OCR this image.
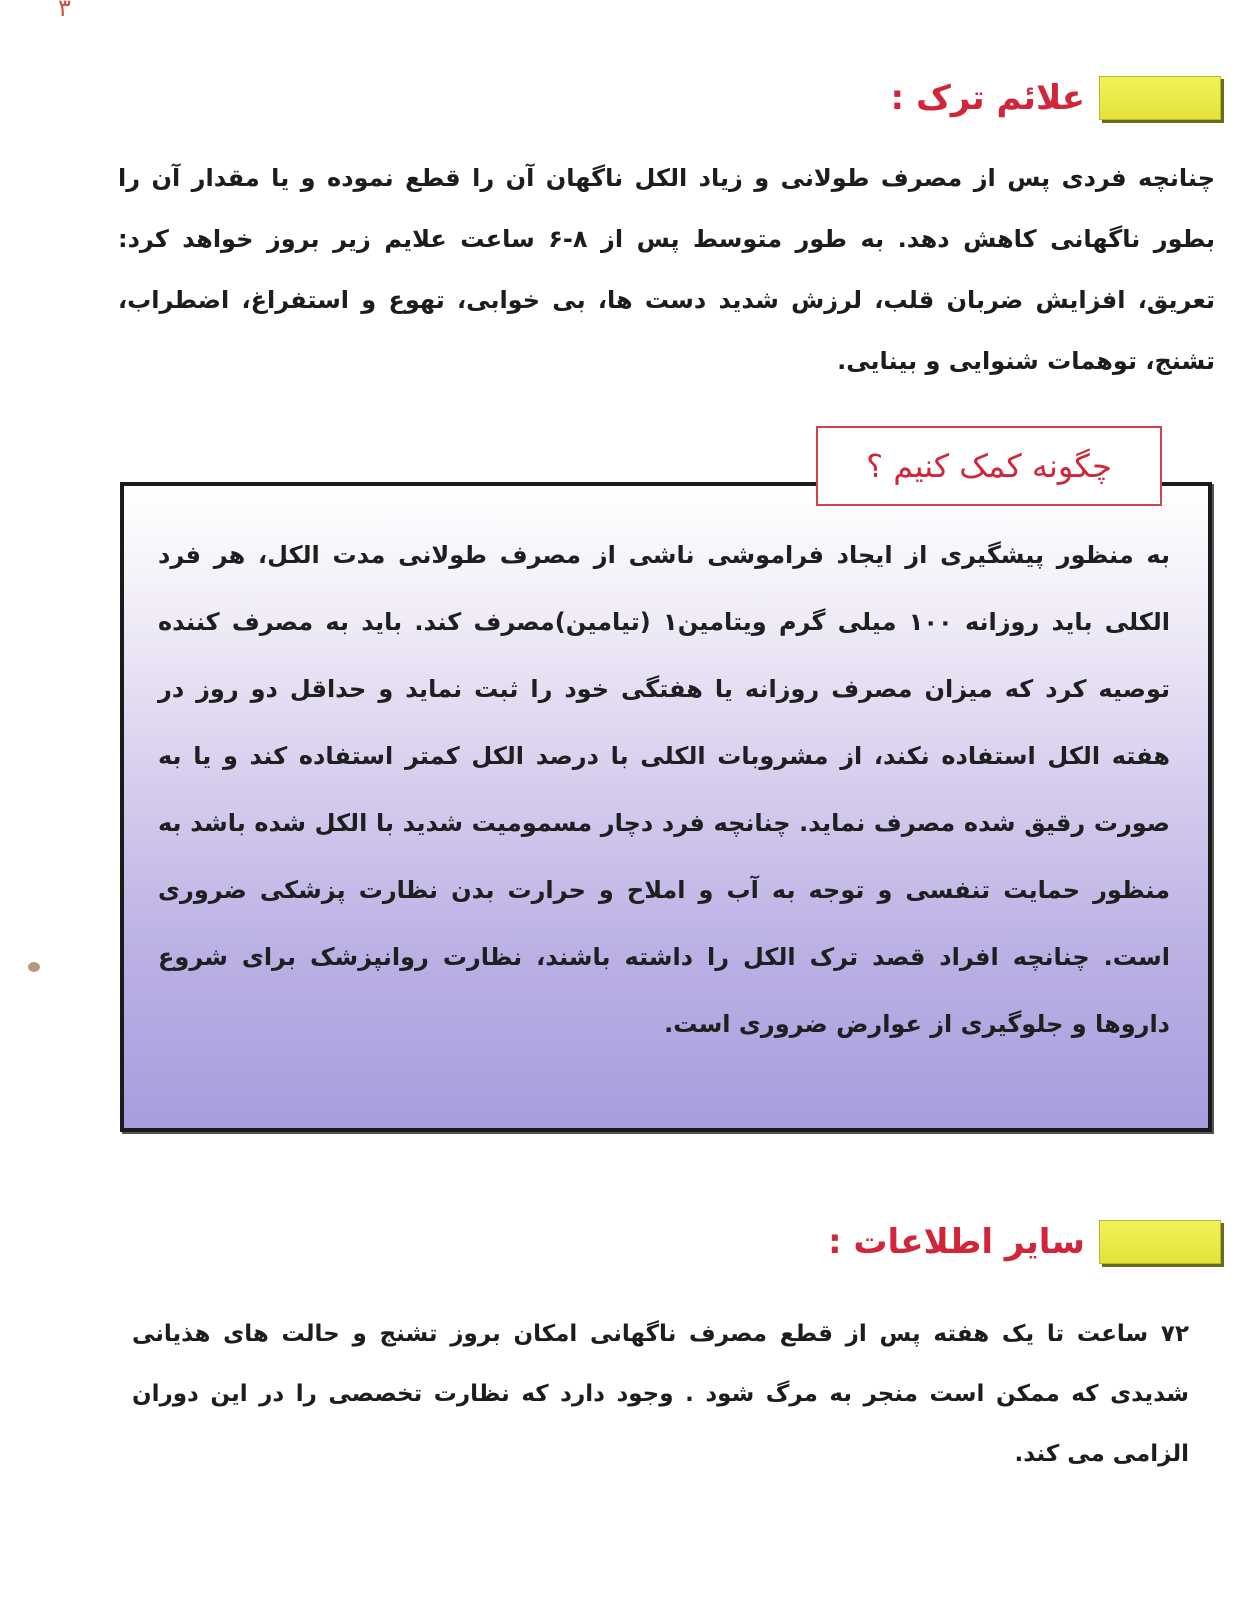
۳
علائم ترک :

چنانچه فردی پس از مصرف طولانی و زیاد الکل ناگهان آن را قطع نموده و یا مقدار آن را بطور ناگهانی کاهش دهد. به طور متوسط پس از ۸-۶ ساعت علایم زیر بروز خواهد کرد: تعریق، افزایش ضربان قلب، لرزش شدید دست ها، بی خوابی، تهوع و استفراغ، اضطراب، تشنج، توهمات شنوایی و بینایی.

چگونه کمک کنیم ؟

به منظور پیشگیری از ایجاد فراموشی ناشی از مصرف طولانی مدت الکل، هر فرد الکلی باید روزانه ۱۰۰ میلی گرم ویتامین۱ (تیامین)مصرف کند. باید به مصرف کننده توصیه کرد که میزان مصرف روزانه یا هفتگی خود را ثبت نماید و حداقل دو روز در هفته الکل استفاده نکند، از مشروبات الکلی با درصد الکل کمتر استفاده کند و یا به صورت رقیق شده مصرف نماید. چنانچه فرد دچار مسمومیت شدید با الکل شده باشد به منظور حمایت تنفسی و توجه به آب و املاح و حرارت بدن نظارت پزشکی ضروری است. چنانچه افراد قصد ترک الکل را داشته باشند، نظارت روانپزشک برای شروع داروها و جلوگیری از عوارض ضروری است.

سایر اطلاعات :

۷۲ ساعت تا یک هفته پس از قطع مصرف ناگهانی امکان بروز تشنج و حالت های هذیانی شدیدی که ممکن است منجر به مرگ شود . وجود دارد که نظارت تخصصی را در این دوران الزامی می کند.
